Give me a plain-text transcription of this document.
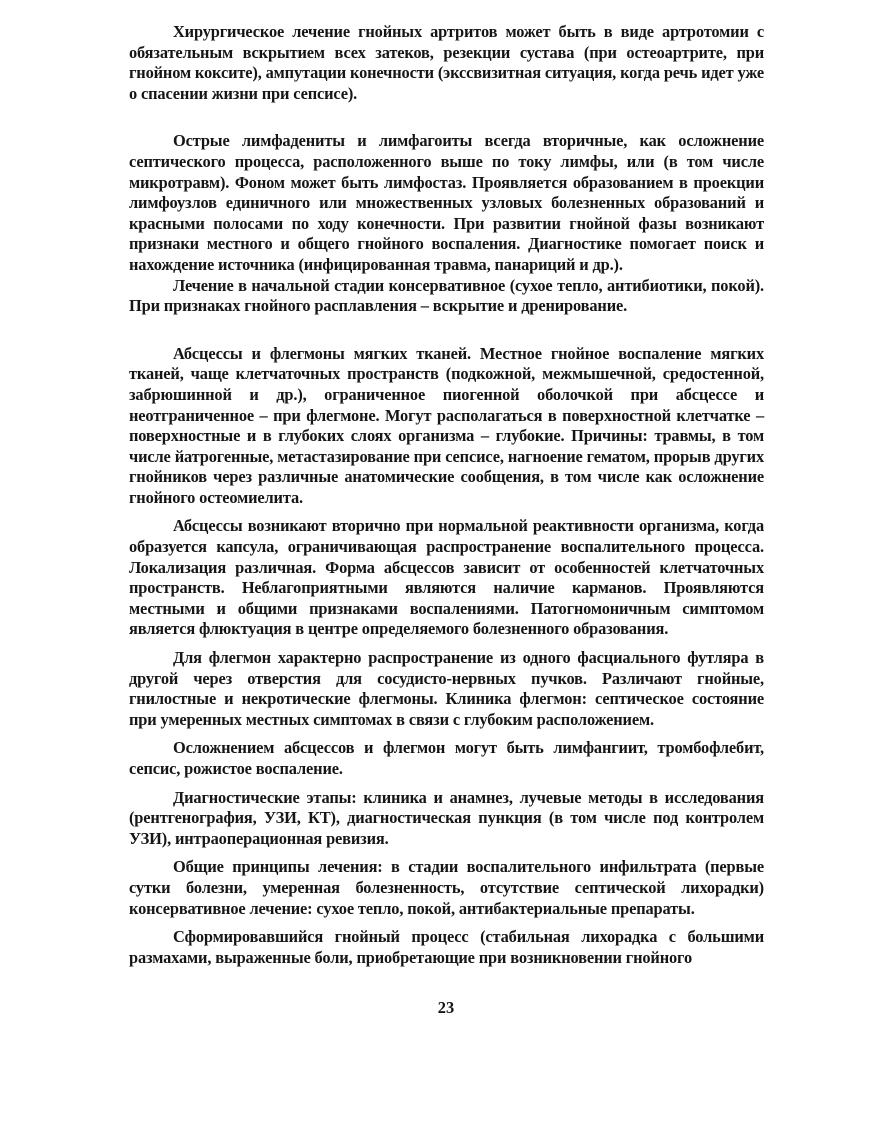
Хирургическое лечение гнойных артритов может быть в виде артротомии с обязательным вскрытием всех затеков, резекции сустава (при остеоартрите, при гнойном коксите), ампутации конечности (экссвизитная ситуация, когда речь идет уже о спасении жизни при сепсисе).

Острые лимфадениты и лимфагоиты всегда вторичные, как осложнение септического процесса, расположенного выше по току лимфы, или (в том числе микротравм). Фоном может быть лимфостаз. Проявляется образованием в проекции лимфоузлов единичного или множественных узловых болезненных образований и красными полосами по ходу конечности. При развитии гнойной фазы возникают признаки местного и общего гнойного воспаления. Диагностике помогает поиск и нахождение источника (инфицированная травма, панариций и др.).

Лечение в начальной стадии консервативное (сухое тепло, антибиотики, покой). При признаках гнойного расплавления – вскрытие и дренирование.

Абсцессы и флегмоны мягких тканей. Местное гнойное воспаление мягких тканей, чаще клетчаточных пространств (подкожной, межмышечной, средостенной, забрюшинной и др.), ограниченное пиогенной оболочкой при абсцессе и неотграниченное – при флегмоне. Могут располагаться в поверхностной клетчатке – поверхностные и в глубоких слоях организма – глубокие. Причины: травмы, в том числе йатрогенные, метастазирование при сепсисе, нагноение гематом, прорыв других гнойников через различные анатомические сообщения, в том числе как осложнение гнойного остеомиелита.

Абсцессы возникают вторично при нормальной реактивности организма, когда образуется капсула, ограничивающая распространение воспалительного процесса. Локализация различная. Форма абсцессов зависит от особенностей клетчаточных пространств. Неблагоприятными являются наличие карманов. Проявляются местными и общими признаками воспалениями. Патогномоничным симптомом является флюктуация в центре определяемого болезненного образования.

Для флегмон характерно распространение из одного фасциального футляра в другой через отверстия для сосудисто-нервных пучков. Различают гнойные, гнилостные и некротические флегмоны. Клиника флегмон: септическое состояние при умеренных местных симптомах в связи с глубоким расположением.

Осложнением абсцессов и флегмон могут быть лимфангиит, тромбофлебит, сепсис, рожистое воспаление.

Диагностические этапы: клиника и анамнез, лучевые методы в исследования (рентгенография, УЗИ, КТ), диагностическая пункция (в том числе под контролем УЗИ), интраоперационная ревизия.

Общие принципы лечения: в стадии воспалительного инфильтрата (первые сутки болезни, умеренная болезненность, отсутствие септической лихорадки) консервативное лечение: сухое тепло, покой, антибактериальные препараты.

Сформировавшийся гнойный процесс (стабильная лихорадка с большими размахами, выраженные боли, приобретающие при возникновении гнойного

23
